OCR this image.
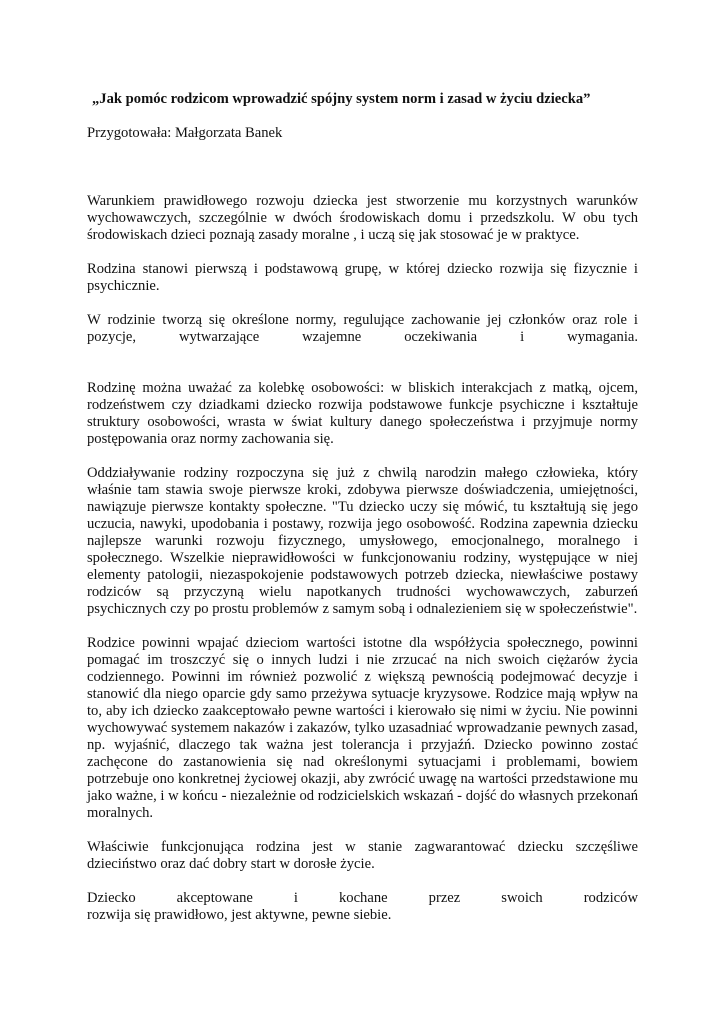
„Jak pomóc rodzicom wprowadzić spójny system norm i zasad w życiu dziecka”

Przygotowała: Małgorzata Banek

Warunkiem prawidłowego rozwoju dziecka jest stworzenie mu korzystnych warunków wychowawczych, szczególnie w dwóch środowiskach domu i przedszkolu. W obu tych środowiskach dzieci poznają zasady moralne , i uczą się jak stosować je w praktyce.

Rodzina stanowi pierwszą i podstawową grupę, w której dziecko rozwija się fizycznie i psychicznie.

W rodzinie tworzą się określone normy, regulujące zachowanie jej członków oraz role i pozycje, wytwarzające wzajemne oczekiwania i wymagania.

Rodzinę można uważać za kolebkę osobowości: w bliskich interakcjach z matką, ojcem, rodzeństwem czy dziadkami dziecko rozwija podstawowe funkcje psychiczne i kształtuje struktury osobowości, wrasta w świat kultury danego społeczeństwa i przyjmuje normy postępowania oraz normy zachowania się.

Oddziaływanie rodziny rozpoczyna się już z chwilą narodzin małego człowieka, który właśnie tam stawia swoje pierwsze kroki, zdobywa pierwsze doświadczenia, umiejętności, nawiązuje pierwsze kontakty społeczne. "Tu dziecko uczy się mówić, tu kształtują się jego uczucia, nawyki, upodobania i postawy, rozwija jego osobowość. Rodzina zapewnia dziecku najlepsze warunki rozwoju fizycznego, umysłowego, emocjonalnego, moralnego i społecznego. Wszelkie nieprawidłowości w funkcjonowaniu rodziny, występujące w niej elementy patologii, niezaspokojenie podstawowych potrzeb dziecka, niewłaściwe postawy rodziców są przyczyną wielu napotkanych trudności wychowawczych, zaburzeń psychicznych czy po prostu problemów z samym sobą i odnalezieniem się w społeczeństwie".

Rodzice powinni wpajać dzieciom wartości istotne dla współżycia społecznego, powinni pomagać im troszczyć się o innych ludzi i nie zrzucać na nich swoich ciężarów życia codziennego. Powinni im również pozwolić z większą pewnością podejmować decyzje i stanowić dla niego oparcie gdy samo przeżywa sytuacje kryzysowe. Rodzice mają wpływ na to, aby ich dziecko zaakceptowało pewne wartości i kierowało się nimi w życiu. Nie powinni wychowywać systemem nakazów i zakazów, tylko uzasadniać wprowadzanie pewnych zasad, np. wyjaśnić, dlaczego tak ważna jest tolerancja i przyjaźń. Dziecko powinno zostać zachęcone do zastanowienia się nad określonymi sytuacjami i problemami, bowiem potrzebuje ono konkretnej życiowej okazji, aby zwrócić uwagę na wartości przedstawione mu jako ważne, i w końcu - niezależnie od rodzicielskich wskazań - dojść do własnych przekonań moralnych.

Właściwie funkcjonująca rodzina jest w stanie zagwarantować dziecku szczęśliwe dzieciństwo oraz dać dobry start w dorosłe życie.

Dziecko akceptowane i kochane przez swoich rodziców

rozwija się prawidłowo, jest aktywne, pewne siebie.
